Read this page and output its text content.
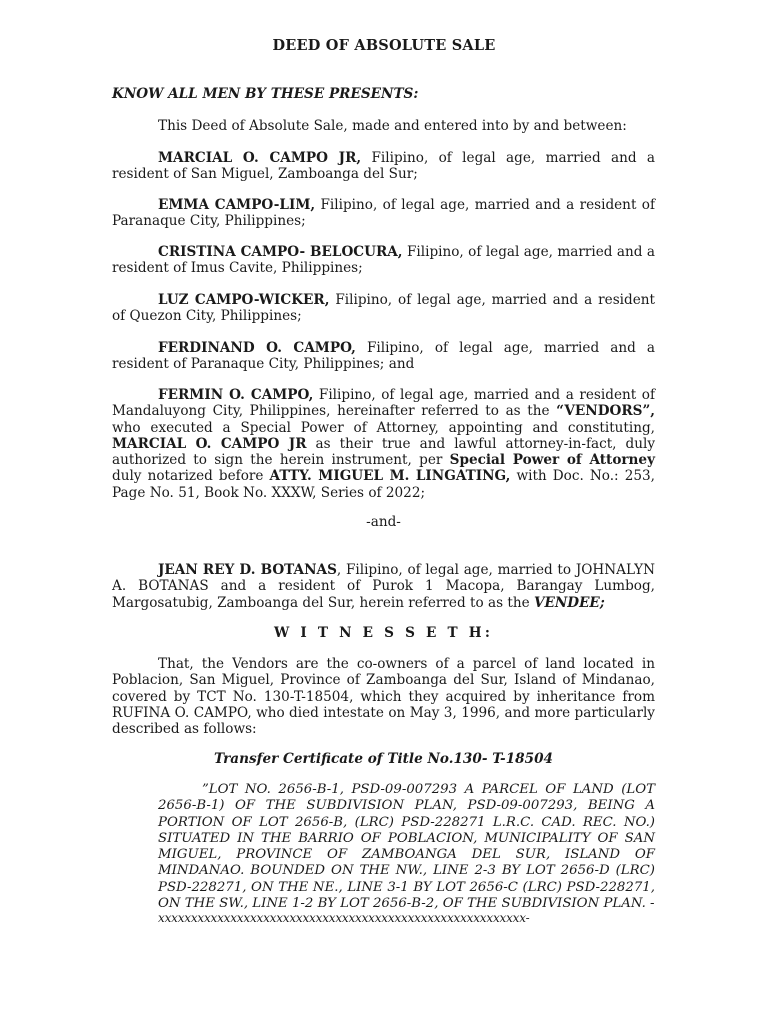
DEED OF ABSOLUTE SALE

KNOW ALL MEN BY THESE PRESENTS:

This Deed of Absolute Sale, made and entered into by and between:

MARCIAL O. CAMPO JR, Filipino, of legal age, married and a resident of San Miguel, Zamboanga del Sur;

EMMA CAMPO-LIM, Filipino, of legal age, married and a resident of Paranaque City, Philippines;

CRISTINA CAMPO- BELOCURA, Filipino, of legal age, married and a resident of Imus Cavite, Philippines;

LUZ CAMPO-WICKER, Filipino, of legal age, married and a resident of Quezon City, Philippines;

FERDINAND O. CAMPO, Filipino, of legal age, married and a resident of Paranaque City, Philippines; and

FERMIN O. CAMPO, Filipino, of legal age, married and a resident of Mandaluyong City, Philippines, hereinafter referred to as the “VENDORS”, who executed a Special Power of Attorney, appointing and constituting, MARCIAL O. CAMPO JR as their true and lawful attorney-in-fact, duly authorized to sign the herein instrument, per Special Power of Attorney duly notarized before ATTY. MIGUEL M. LINGATING, with Doc. No.: 253, Page No. 51, Book No. XXXW, Series of 2022;

-and-

JEAN REY D. BOTANAS, Filipino, of legal age, married to JOHNALYN A. BOTANAS and a resident of Purok 1 Macopa, Barangay Lumbog, Margosatubig, Zamboanga del Sur, herein referred to as the VENDEE;

W I T N E S S E T H:

That, the Vendors are the co-owners of a parcel of land located in Poblacion, San Miguel, Province of Zamboanga del Sur, Island of Mindanao, covered by TCT No. 130-T-18504, which they acquired by inheritance from RUFINA O. CAMPO, who died intestate on May 3, 1996, and more particularly described as follows:

Transfer Certificate of Title No.130- T-18504

”LOT NO. 2656-B-1, PSD-09-007293 A PARCEL OF LAND (LOT 2656-B-1) OF THE SUBDIVISION PLAN, PSD-09-007293, BEING A PORTION OF LOT 2656-B, (LRC) PSD-228271 L.R.C. CAD. REC. NO.) SITUATED IN THE BARRIO OF POBLACION, MUNICIPALITY OF SAN MIGUEL, PROVINCE OF ZAMBOANGA DEL SUR, ISLAND OF MINDANAO. BOUNDED ON THE NW., LINE 2-3 BY LOT 2656-D (LRC) PSD-228271, ON THE NE., LINE 3-1 BY LOT 2656-C (LRC) PSD-228271, ON THE SW., LINE 1-2 BY LOT 2656-B-2, OF THE SUBDIVISION PLAN. -

xxxxxxxxxxxxxxxxxxxxxxxxxxxxxxxxxxxxxxxxxxxxxxxxxxxxxxxx-
